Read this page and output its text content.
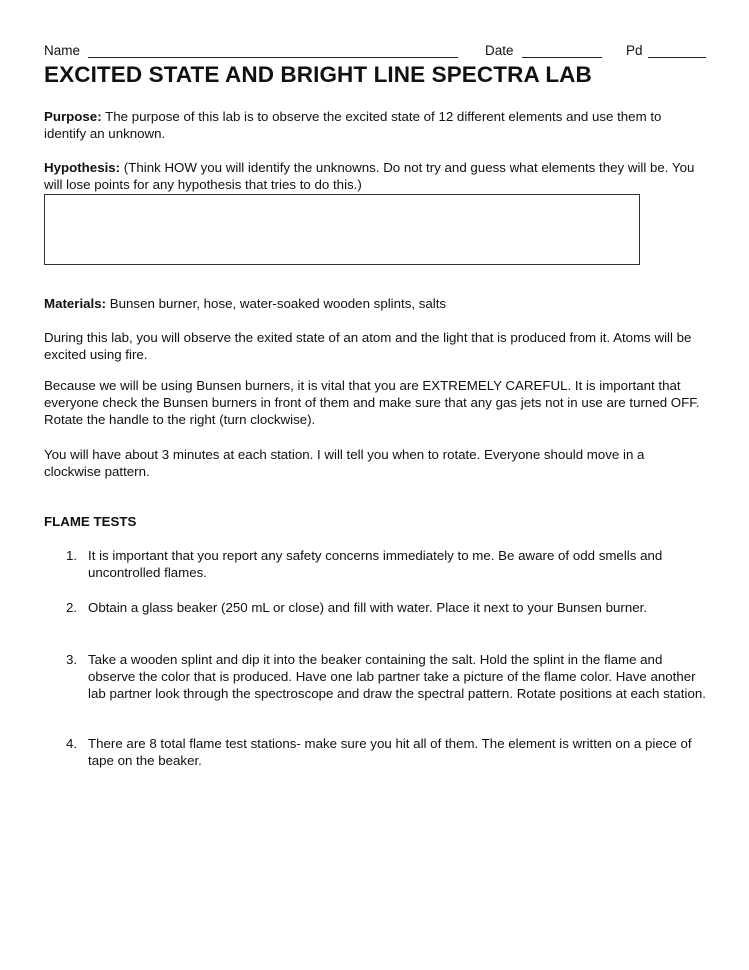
Name	Date	Pd
EXCITED STATE AND BRIGHT LINE SPECTRA LAB
Purpose: The purpose of this lab is to observe the excited state of 12 different elements and use them to identify an unknown.
Hypothesis: (Think HOW you will identify the unknowns. Do not try and guess what elements they will be. You will lose points for any hypothesis that tries to do this.)
Materials: Bunsen burner, hose, water-soaked wooden splints, salts
During this lab, you will observe the exited state of an atom and the light that is produced from it. Atoms will be excited using fire.
Because we will be using Bunsen burners, it is vital that you are EXTREMELY CAREFUL. It is important that everyone check the Bunsen burners in front of them and make sure that any gas jets not in use are turned OFF. Rotate the handle to the right (turn clockwise).
You will have about 3 minutes at each station. I will tell you when to rotate. Everyone should move in a clockwise pattern.
FLAME TESTS
1. It is important that you report any safety concerns immediately to me. Be aware of odd smells and uncontrolled flames.
2. Obtain a glass beaker (250 mL or close) and fill with water. Place it next to your Bunsen burner.
3. Take a wooden splint and dip it into the beaker containing the salt. Hold the splint in the flame and observe the color that is produced. Have one lab partner take a picture of the flame color. Have another lab partner look through the spectroscope and draw the spectral pattern. Rotate positions at each station.
4. There are 8 total flame test stations- make sure you hit all of them. The element is written on a piece of tape on the beaker.
